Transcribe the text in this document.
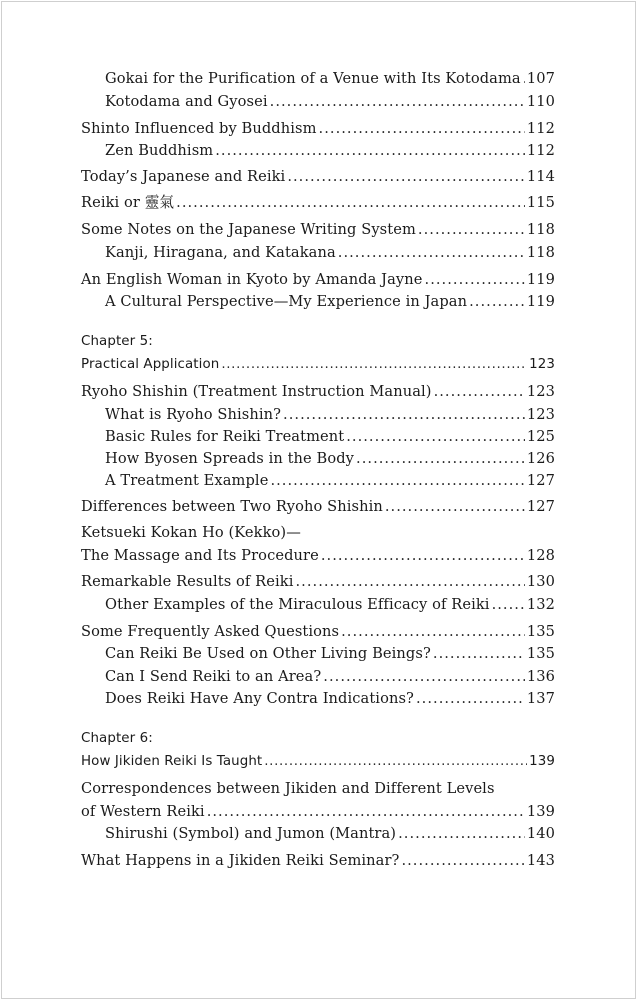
Gokai for the Purification of a Venue with Its Kotodama . . . 107
Kotodama and Gyosei . . .	110
Shinto Influenced by Buddhism . . .	112
Zen Buddhism . . .	112
Today’s Japanese and Reiki . . .	114
Reiki or 靈氣 . . .	115
Some Notes on the Japanese Writing System . . .	118
Kanji, Hiragana, and Katakana . . .	118
An English Woman in Kyoto by Amanda Jayne . . .	119
A Cultural Perspective—My Experience in Japan . . .	119
Chapter 5:
Practical Application . . .	123
Ryoho Shishin (Treatment Instruction Manual) . . .	123
What is Ryoho Shishin? . . .	123
Basic Rules for Reiki Treatment . . .	125
How Byosen Spreads in the Body . . .	126
A Treatment Example . . .	127
Differences between Two Ryoho Shishin . . .	127
Ketsueki Kokan Ho (Kekko)—
The Massage and Its Procedure . . .	128
Remarkable Results of Reiki . . .	130
Other Examples of the Miraculous Efficacy of Reiki . . .	132
Some Frequently Asked Questions . . .	135
Can Reiki Be Used on Other Living Beings? . . .	135
Can I Send Reiki to an Area? . . .	136
Does Reiki Have Any Contra Indications? . . .	137
Chapter 6:
How Jikiden Reiki Is Taught . . .	139
Correspondences between Jikiden and Different Levels
of Western Reiki . . .	139
Shirushi (Symbol) and Jumon (Mantra) . . .	140
What Happens in a Jikiden Reiki Seminar? . . .	143
